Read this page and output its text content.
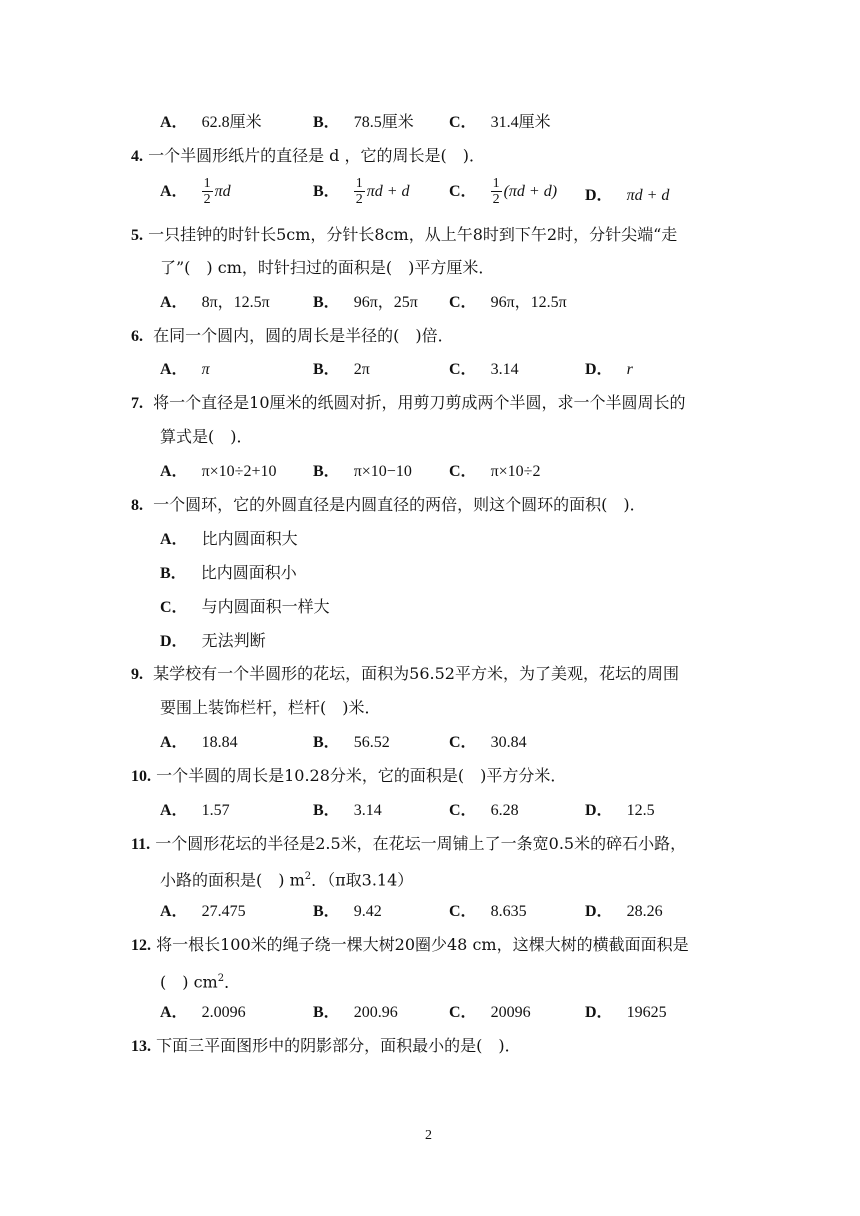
A． 62.8厘米	B． 78.5厘米 C． 31.4厘米
4. 一个半圆形纸片的直径是 d ，它的周长是(　)．
A． $\frac{1}{2}$ πd	B． $\frac{1}{2}$ πd + d C． $\frac{1}{2} (\pi d + d)$ D． πd + d
5. 一只挂钟的时针长5cm，分针长8cm，从上午8时到下午2时，分针尖端“走
了”(　) cm，时针扫过的面积是(　)平方厘米．
A． 8π，12.5π	B． 96π，25π C． 96π，12.5π
6. 在同一个圆内，圆的周长是半径的(　)倍．
A． π	B． 2π	C． 3.14	D． r
7. 将一个直径是10厘米的纸圆对折，用剪刀剪成两个半圆，求一个半圆周长的
算式是(　)．
A． π×10÷2+10 B． π×10−10 C． π×10÷2
8. 一个圆环，它的外圆直径是内圆直径的两倍，则这个圆环的面积(　)．
A． 比内圆面积大
B． 比内圆面积小
C． 与内圆面积一样大
D． 无法判断
9. 某学校有一个半圆形的花坛，面积为56.52平方米，为了美观，花坛的周围
要围上装饰栏杆，栏杆(　)米．
A． 18.84	B． 56.52	C． 30.84
10. 一个半圆的周长是10.28分米，它的面积是(　)平方分米．
A． 1.57	B． 3.14	C． 6.28	D． 12.5
11. 一个圆形花坛的半径是2.5米，在花坛一周铺上了一条宽0.5米的碎石小路，
小路的面积是(　) $m^2$．（π取3.14）
A． 27.475	B． 9.42	C． 8.635	D． 28.26
12. 将一根长100米的绳子绕一棵大树20圈少48 cm，这棵大树的横截面面积是
(　) $cm^2$．
A． 2.0096	B． 200.96	C． 20096	D． 19625
13. 下面三平面图形中的阴影部分，面积最小的是(　)．
2
